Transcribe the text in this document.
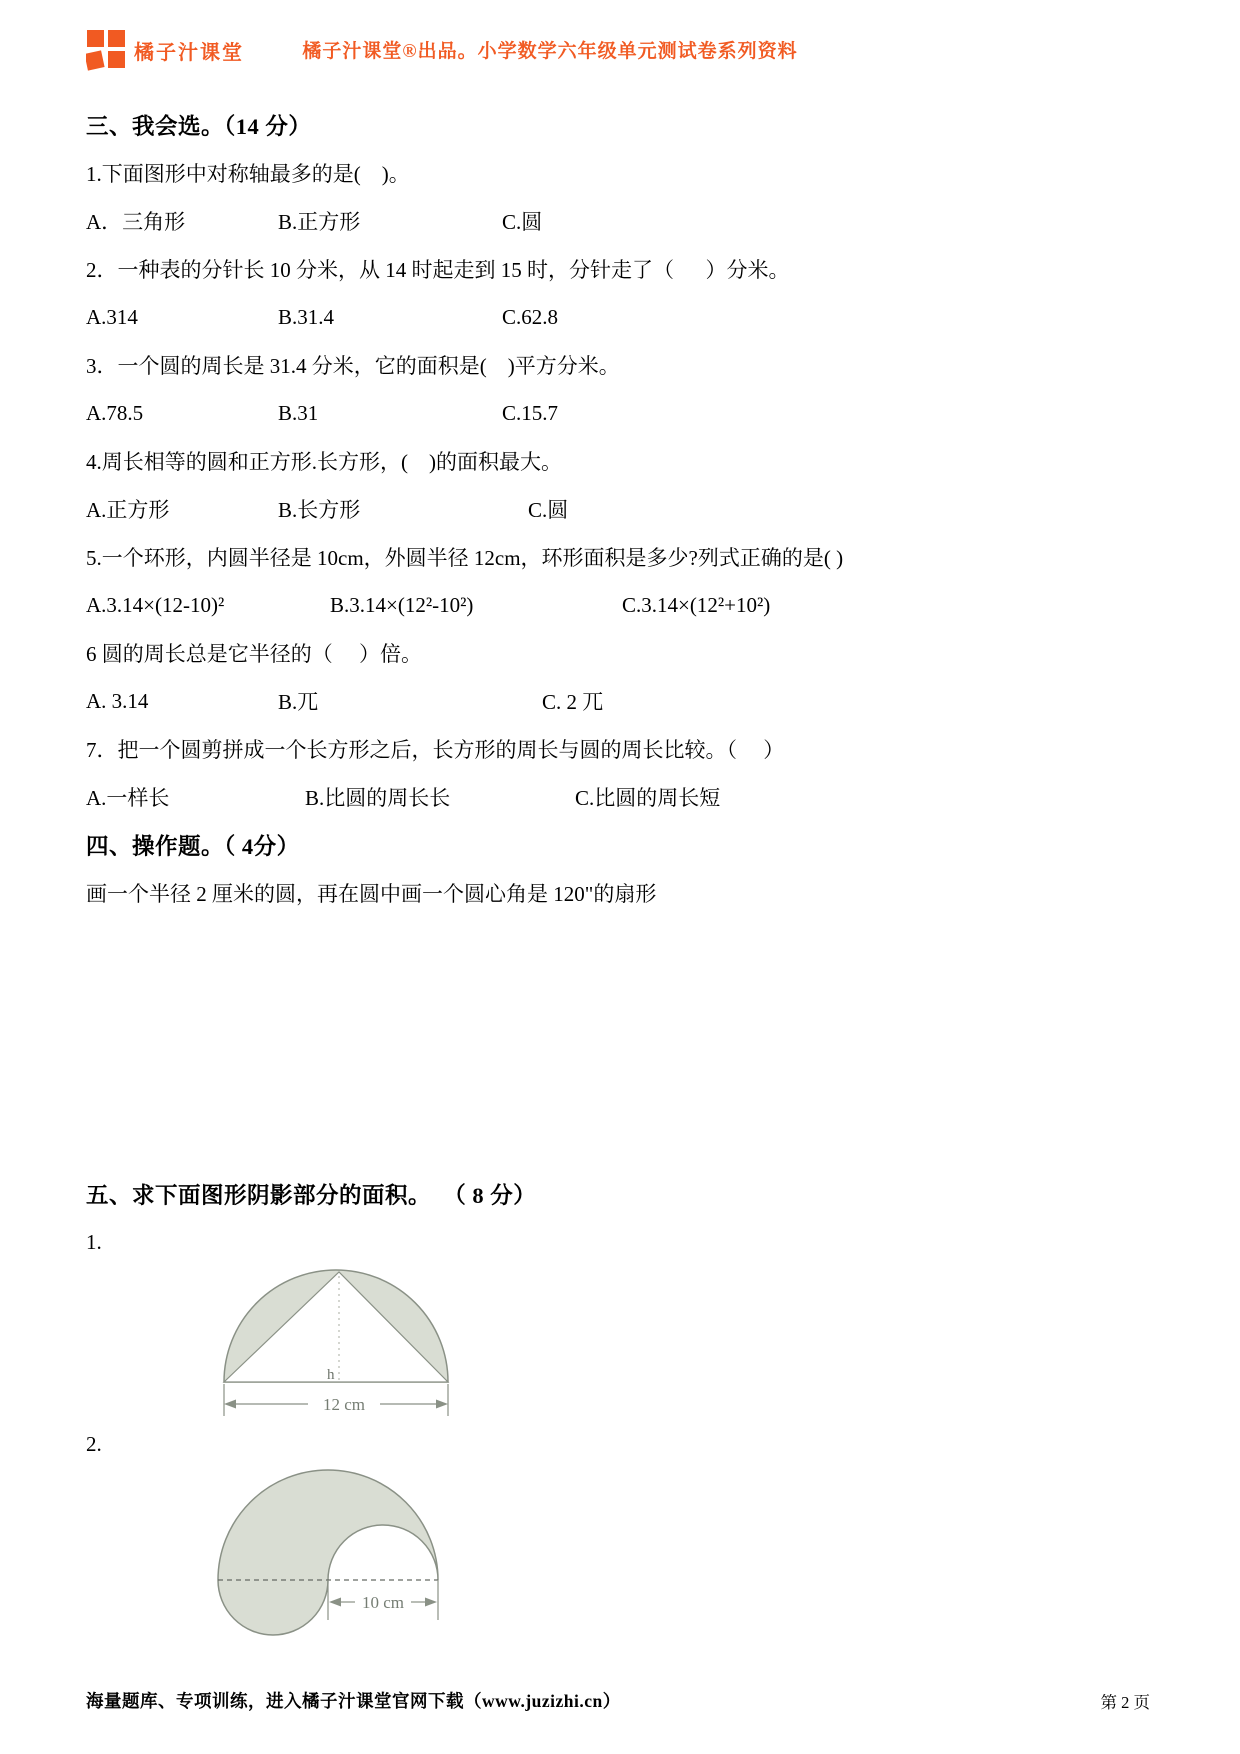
橘子汁课堂	橘子汁课堂®出品。小学数学六年级单元测试卷系列资料
三、我会选。（14 分）
1.下面图形中对称轴最多的是(    )。
A．三角形	B.正方形	C.圆
2．一种表的分针长 10 分米，从 14 时起走到 15 时，分针走了（      ）分米。
A.314	B.31.4	C.62.8
3．一个圆的周长是 31.4 分米，它的面积是(    )平方分米。
A.78.5	B.31	C.15.7
4.周长相等的圆和正方形.长方形，(    )的面积最大。
A.正方形	B.长方形	C.圆
5.一个环形，内圆半径是 10cm，外圆半径 12cm，环形面积是多少?列式正确的是( )
A.3.14×(12-10)²	B.3.14×(12²-10²)	C.3.14×(12²+10²)
6 圆的周长总是它半径的（     ）倍。
A. 3.14	B.兀	C. 2 兀
7．把一个圆剪拼成一个长方形之后，长方形的周长与圆的周长比较。（     ）
A.一样长	B.比圆的周长长	C.比圆的周长短
四、操作题。（ 4分）
画一个半径 2 厘米的圆，再在圆中画一个圆心角是 120"的扇形
五、求下面图形阴影部分的面积。  （ 8 分）
1.
h
12 cm
2.
10 cm
海量题库、专项训练，进入橘子汁课堂官网下载（www.juzizhi.cn）	第 2 页
